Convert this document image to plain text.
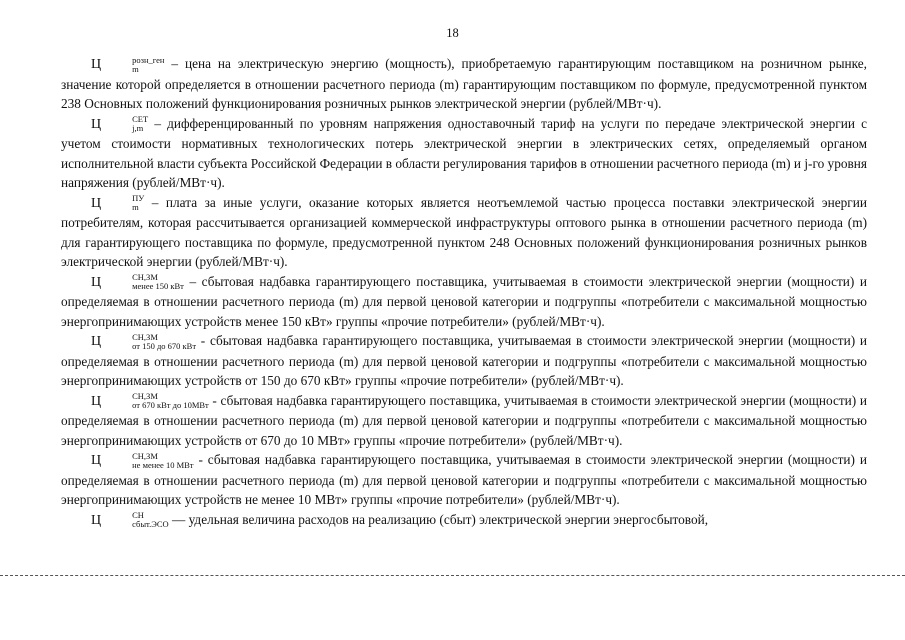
18

Ц	розн_ген
m	– цена на электрическую энергию (мощность), приобретаемую гарантирующим поставщиком на розничном рынке, значение которой определяется в отношении расчетного периода (m) гарантирующим поставщиком по формуле, предусмотренной пунктом 238 Основных положений функционирования розничных рынков электрической энергии (рублей/МВт·ч).

Ц	СЕТ
j,m – дифференцированный по уровням напряжения одноставочный тариф на услуги по передаче электрической энергии с учетом стоимости нормативных технологических потерь электрической энергии в электрических сетях, определяемый органом исполнительной власти субъекта Российской Федерации в области регулирования тарифов в отношении расчетного периода (m) и j-го уровня напряжения (рублей/МВт·ч).

Ц	ПУ
m – плата за иные услуги, оказание которых является неотъемлемой частью процесса поставки электрической энергии потребителям, которая рассчитывается организацией коммерческой инфраструктуры оптового рынка в отношении расчетного периода (m) для гарантирующего поставщика по формуле, предусмотренной пунктом 248 Основных положений функционирования розничных рынков электрической энергии (рублей/МВт·ч).

Ц	СН,ЗМ
менее 150 кВт – сбытовая надбавка гарантирующего поставщика, учитываемая в стоимости электрической энергии (мощности) и определяемая в отношении расчетного периода (m) для первой ценовой категории и подгруппы «потребители с максимальной мощностью энергопринимающих устройств менее 150 кВт» группы «прочие потребители» (рублей/МВт·ч).

Ц	СН,ЗМ
от 150 до 670 кВт - сбытовая надбавка гарантирующего поставщика, учитываемая в стоимости электрической энергии (мощности) и определяемая в отношении расчетного периода (m) для первой ценовой категории и подгруппы «потребители с максимальной мощностью энергопринимающих устройств от 150 до 670 кВт» группы «прочие потребители» (рублей/МВт·ч).

Ц	СН,ЗМ
от 670 кВт до 10МВт - сбытовая надбавка гарантирующего поставщика, учитываемая в стоимости электрической энергии (мощности) и определяемая в отношении расчетного периода (m) для первой ценовой категории и подгруппы «потребители с максимальной мощностью энергопринимающих устройств от 670 до 10 МВт» группы «прочие потребители» (рублей/МВт·ч).

Ц	СН,ЗМ
не менее 10 МВт - сбытовая надбавка гарантирующего поставщика, учитываемая в стоимости электрической энергии (мощности) и определяемая в отношении расчетного периода (m) для первой ценовой категории и подгруппы «потребители с максимальной мощностью энергопринимающих устройств не менее 10 МВт» группы «прочие потребители» (рублей/МВт·ч).

Ц	СН
сбыт.ЭСО — удельная величина расходов на реализацию (сбыт) электрической энергии энергосбытовой,
